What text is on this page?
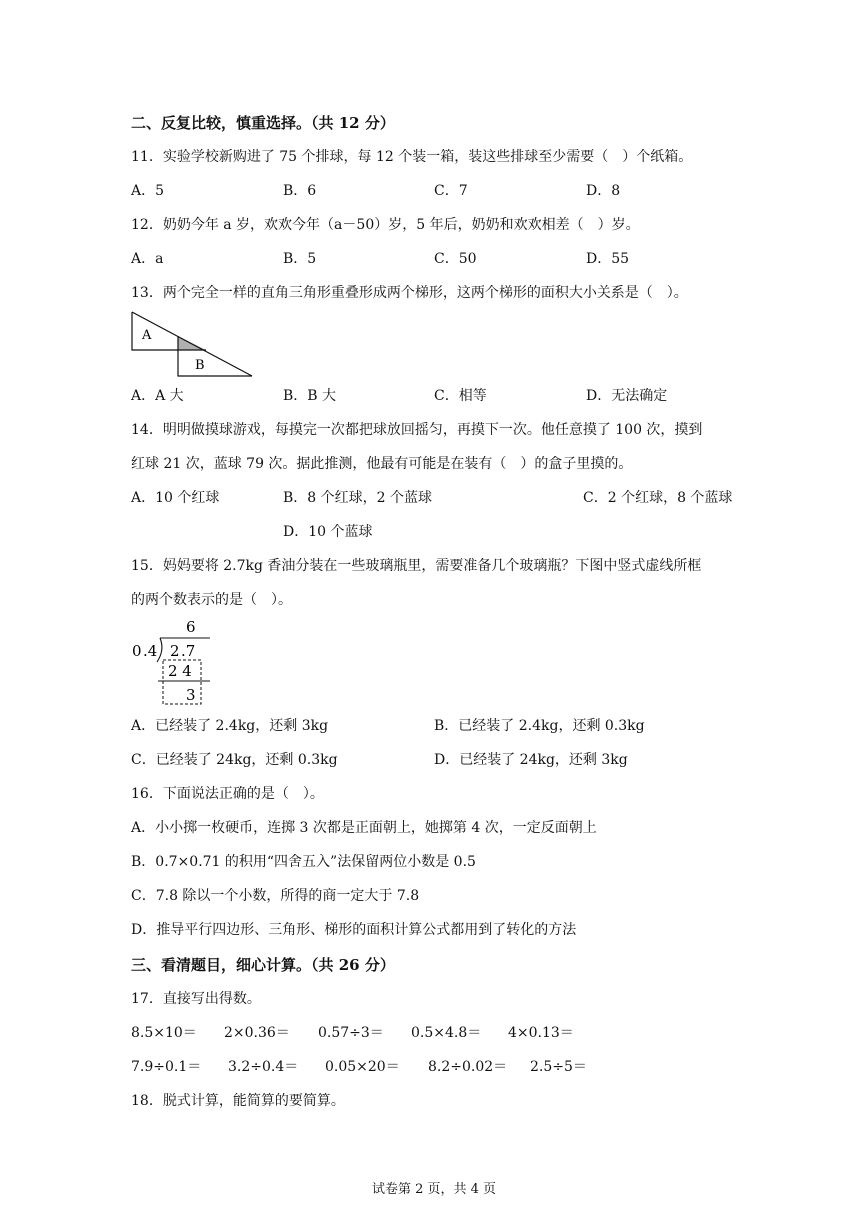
二、反复比较，慎重选择。（共 12 分）
11．实验学校新购进了 75 个排球，每 12 个装一箱，装这些排球至少需要（　）个纸箱。
A．5	B．6	C．7	D．8
12．奶奶今年 a 岁，欢欢今年（a－50）岁，5 年后，奶奶和欢欢相差（　）岁。
A．a	B．5	C．50	D．55
13．两个完全一样的直角三角形重叠形成两个梯形，这两个梯形的面积大小关系是（　）。
A
B
A．A 大	B．B 大	C．相等	D．无法确定
14．明明做摸球游戏，每摸完一次都把球放回摇匀，再摸下一次。他任意摸了 100 次，摸到
红球 21 次，蓝球 79 次。据此推测，他最有可能是在装有（　）的盒子里摸的。
A．10 个红球	B．8 个红球，2 个蓝球	C．2 个红球，8 个蓝球
D．10 个蓝球
15．妈妈要将 2.7kg 香油分装在一些玻璃瓶里，需要准备几个玻璃瓶？下图中竖式虚线所框
的两个数表示的是（　）。
6
0 .4 2 .7
2 4
3
A．已经装了 2.4kg，还剩 3kg	B．已经装了 2.4kg，还剩 0.3kg
C．已经装了 24kg，还剩 0.3kg	D．已经装了 24kg，还剩 3kg
16．下面说法正确的是（　）。
A．小小掷一枚硬币，连掷 3 次都是正面朝上，她掷第 4 次，一定反面朝上
B．0.7×0.71 的积用“四舍五入”法保留两位小数是 0.5
C．7.8 除以一个小数，所得的商一定大于 7.8
D．推导平行四边形、三角形、梯形的面积计算公式都用到了转化的方法
三、看清题目，细心计算。（共 26 分）
17．直接写出得数。
8.5×10＝ 2×0.36＝ 0.57÷3＝ 0.5×4.8＝ 4×0.13＝
7.9÷0.1＝ 3.2÷0.4＝ 0.05×20＝ 8.2÷0.02＝ 2.5÷5＝
18．脱式计算，能简算的要简算。
试卷第 2 页，共 4 页
